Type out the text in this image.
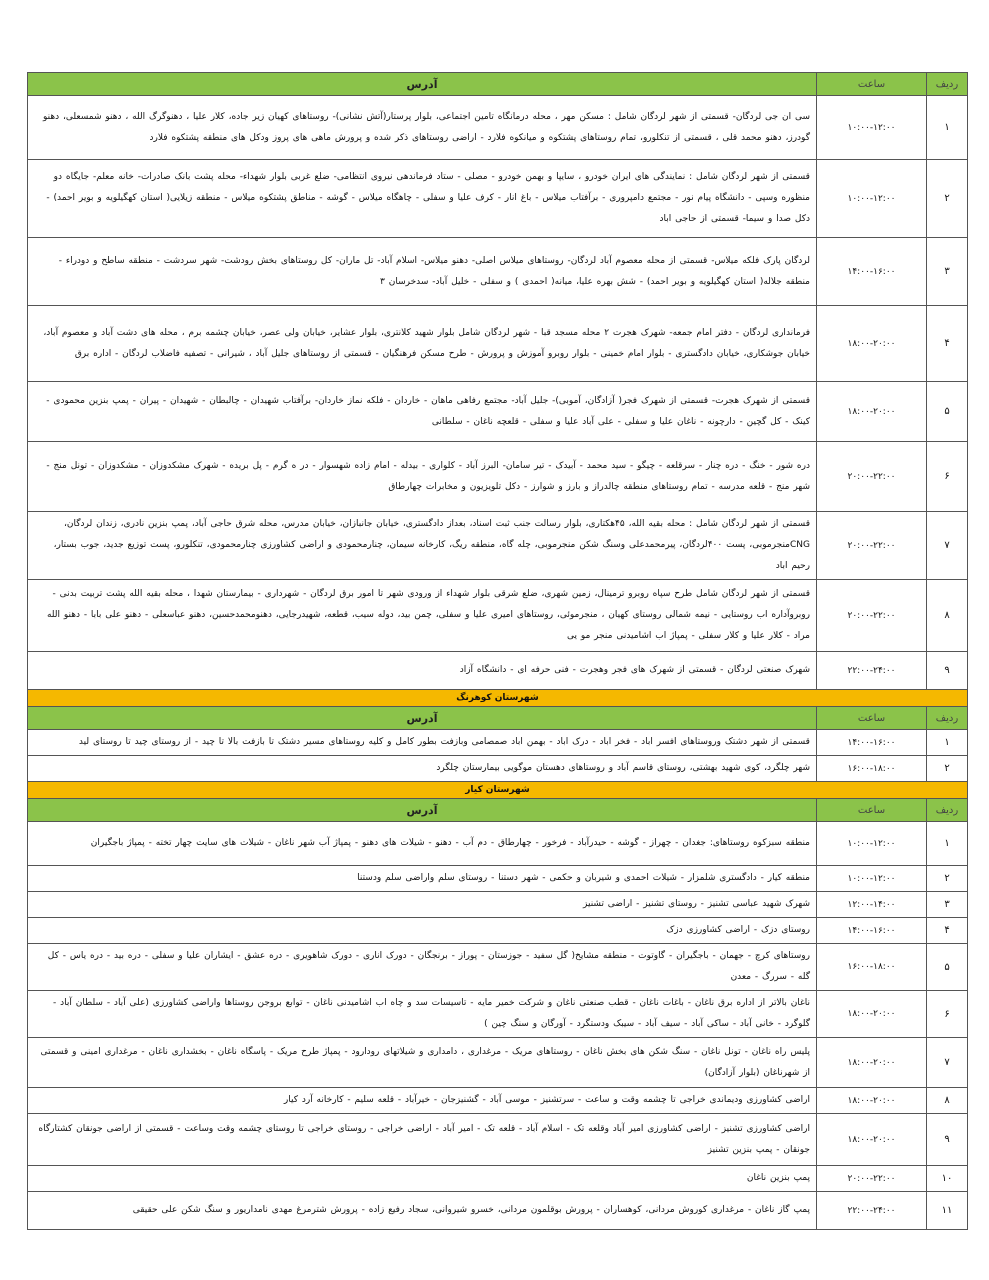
ردیف	ساعت	آدرس
۱	۱۰:۰۰-۱۲:۰۰	سی ان جی لردگان- قسمتی از شهر لردگان شامل : مسکن مهر ، محله درمانگاه تامین اجتماعی، بلوار پرستار(آتش نشانی)- روستاهای کهیان زیر جاده، کلار علیا ، دهنوگرگ الله ، دهنو شمسعلی، دهنو گودرز، دهنو محمد قلی ، قسمتی از تنکلورو، تمام روستاهای پشتکوه و میانکوه فلارد - اراضی روستاهای ذکر شده و پرورش ماهی های پروز ودکل های منطقه پشتکوه فلارد
۲	۱۰:۰۰-۱۲:۰۰	قسمتی از شهر لردگان شامل : نمایندگی های ایران خودرو ، سایپا و بهمن خودرو - مصلی - ستاد فرماندهی نیروی انتظامی- ضلع غربی بلوار شهداء- محله پشت بانک صادرات- خانه معلم- جایگاه دو منظوره وسپی - دانشگاه پیام نور - مجتمع دامپروری - برآفتاب میلاس - باغ انار - کرف علیا و سفلی - چاهگاه میلاس - گوشه - مناطق پشتکوه میلاس - منطقه زیلایی( استان کهگیلویه و بویر احمد) - دکل صدا و سیما- قسمتی از حاجی اباد
۳	۱۴:۰۰-۱۶:۰۰	لردگان پارک فلکه میلاس- قسمتی از محله معصوم آباد لردگان- روستاهای میلاس اصلی- دهنو میلاس- اسلام آباد- تل ماران- کل روستاهای بخش رودشت- شهر سردشت - منطقه ساطح و دودراء - منطقه جلاله( استان کهگیلویه و بویر احمد) - شش بهره علیا، میانه( احمدی ) و سفلی - خلیل آباد- سدخرسان ۳
۴	۱۸:۰۰-۲۰:۰۰	فرمانداری لردگان - دفتر امام جمعه- شهرک هجرت ۲ محله مسجد قبا - شهر لردگان شامل بلوار شهید کلانتری، بلوار عشایر، خیابان ولی عصر، خیابان چشمه برم ، محله های دشت آباد و معصوم آباد، خیابان جوشکاری، خیابان دادگستری - بلوار امام خمینی - بلوار روبرو آموزش و پرورش - طرح مسکن فرهنگیان - قسمتی از روستاهای جلیل آباد ، شیرانی - تصفیه فاضلاب لردگان - اداره برق
۵	۱۸:۰۰-۲۰:۰۰	قسمتی از شهرک هجرت- قسمتی از شهرک فجر( آزادگان، آموبی)- جلیل آباد- مجتمع رفاهی ماهان - خاردان - فلکه نماز خاردان- برآفتاب شهیدان - چالبطان - شهیدان - پیران - پمپ بنزین محمودی - کینک - کل گچین - دارچونه - ناغان علیا و سفلی - علی آباد علیا و سفلی - قلعچه ناغان - سلطانی
۶	۲۰:۰۰-۲۲:۰۰	دره شور - خنگ - دره چنار - سرقلعه - چیگو - سید محمد - آبیدک - تیر سامان- البرز آباد - کلواری - بیدله - امام زاده شهسوار - در ه گرم - پل بریده - شهرک مشکدوزان - مشکدوزان - تونل منج - شهر منج - قلعه مدرسه - تمام روستاهای منطقه چالدراز و بارز و شوارز - دکل تلویزیون و مخابرات چهارطاق
۷	۲۰:۰۰-۲۲:۰۰	قسمتی از شهر لردگان شامل : محله بقیه الله، ۴۵هکتاری، بلوار رسالت جنب ثبت اسناد، بعداز دادگستری، خیابان جانبازان، خیابان مدرس، محله شرق حاجی آباد، پمپ بنزین نادری، زندان لردگان، CNGمنجرموبی، پست ۴۰۰لردگان، پیرمحمدعلی وسنگ شکن منجرموبی، چله گاه، منطقه ریگ، کارخانه سیمان، چنارمحمودی و اراضی کشاورزی چنارمحمودی، تنکلورو، پست توزیع جدید، جوب بستار، رحیم اباد
۸	۲۰:۰۰-۲۲:۰۰	قسمتی از شهر لردگان شامل طرح سپاه روبرو ترمینال، زمین شهری، ضلع شرقی بلوار شهداء از ورودی شهر تا امور برق لردگان - شهرداری - بیمارستان شهدا ، محله بقیه الله پشت تربیت بدنی - روبروآداره اب روستایی - نیمه شمالی روستای کهیان ، منجرموئی، روستاهای امیری علیا و سفلی، چمن بید، دوله سیب، قطعه، شهیدرجایی، دهنومحمدحسین، دهنو عباسعلی - دهنو علی بابا - دهنو الله مراد - کلار علیا و کلار سفلی - پمپاژ اب اشامیدنی منجر مو یی
۹	۲۲:۰۰-۲۴:۰۰	شهرک صنعتی لردگان - قسمتی از شهرک های فجر وهجرت - فنی حرفه ای - دانشگاه آزاد
شهرستان کوهرنگ		
ردیف	ساعت	آدرس
۱	۱۴:۰۰-۱۶:۰۰	قسمتی از شهر دشتک وروستاهای افسر اباد - فخر اباد - درک اباد - بهمن اباد صمصامی وبازفت بطور کامل و کلیه روستاهای مسیر دشتک تا بازفت بالا تا چید - از روستای چید تا روستای لید
۲	۱۶:۰۰-۱۸:۰۰	شهر چلگرد، کوی شهید بهشتی، روستای قاسم آباد و روستاهای دهستان موگویی بیمارستان چلگرد
شهرستان کیار		
ردیف	ساعت	آدرس
۱	۱۰:۰۰-۱۲:۰۰	منطقه سبزکوه روستاهای: جغدان - چهراز - گوشه - حیدرآباد - فرخور - چهارطاق - دم آب - دهنو - شیلات های دهنو - پمپاژ آب شهر ناغان - شیلات های سایت چهار تخته - پمپاژ باجگیران
۲	۱۰:۰۰-۱۲:۰۰	منطقه کیار - دادگستری شلمزار - شیلات احمدی و شیربان و حکمی - شهر دستنا - روستای سلم واراضی سلم ودستنا
۳	۱۲:۰۰-۱۴:۰۰	شهرک شهید عباسی تشنیز - روستای تشنیز - اراضی تشنیز
۴	۱۴:۰۰-۱۶:۰۰	روستای دزک - اراضی کشاورزی دزک
۵	۱۶:۰۰-۱۸:۰۰	روستاهای کرچ - جهمان - باجگیران - گاوتوت - منطقه مشایخ( گل سفید - جوزستان - پوراز - برنجگان - دورک اناری - دورک شاهویری - دره عشق - ایشاران علیا و سفلی - دره بید - دره یاس - کل گله - سررگ - معدن
۶	۱۸:۰۰-۲۰:۰۰	ناغان بالاتر از اداره برق ناغان - باغات ناغان - قطب صنعتی ناغان و شرکت خمیر مایه - تاسیسات سد و چاه اب اشامیدنی ناغان - توابع بروجن روستاها واراضی کشاورزی (علی آباد - سلطان آباد - گلوگرد - خانی آباد - ساکی آباد - سیف آباد - سیبک ودستگرد - آورگان و سنگ چین )
۷	۱۸:۰۰-۲۰:۰۰	پلیس راه ناغان - تونل ناغان - سنگ شکن های بخش ناغان - روستاهای مریک - مرغداری ، دامداری و شیلاتهای رودارود - پمپاژ طرح مریک - پاسگاه ناغان - بخشداری ناغان - مرغداری امینی و قسمتی از شهرناغان (بلوار آزادگان)
۸	۱۸:۰۰-۲۰:۰۰	اراضی کشاورزی ودیماندی خراجی تا چشمه وقت و ساعت - سرتشنیز - موسی آباد - گشنیزجان - خیرآباد - قلعه سلیم - کارخانه آرد کیار
۹	۱۸:۰۰-۲۰:۰۰	اراضی کشاورزی تشنیز - اراضی کشاورزی امیر آباد وقلعه تک - اسلام آباد - قلعه تک - امیر آباد - اراضی خراجی - روستای خراجی تا روستای چشمه وقت وساعت - قسمتی از اراضی جونقان کشتارگاه جونقان - پمپ بنزین تشنیز
۱۰	۲۰:۰۰-۲۲:۰۰	پمپ بنزین ناغان
۱۱	۲۲:۰۰-۲۴:۰۰	پمپ گاز ناغان - مرغداری کوروش مردانی، کوهساران - پرورش بوقلمون مردانی، خسرو شیروانی، سجاد رفیع زاده - پرورش شترمرغ مهدی نامداریور و سنگ شکن علی حقیقی
